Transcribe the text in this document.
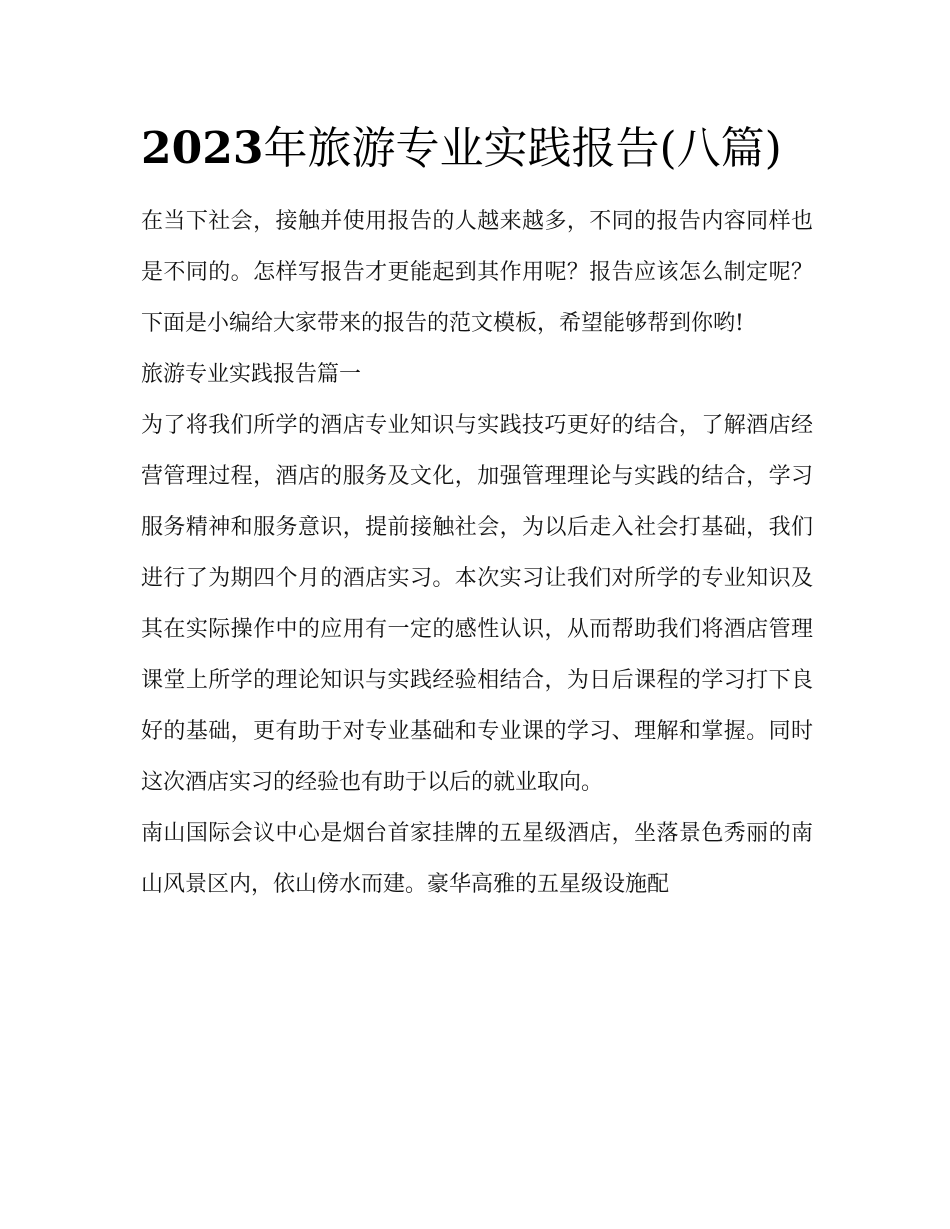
2023年旅游专业实践报告(八篇)

在当下社会，接触并使用报告的人越来越多，不同的报告内容同样也是不同的。怎样写报告才更能起到其作用呢？报告应该怎么制定呢？下面是小编给大家带来的报告的范文模板，希望能够帮到你哟!

旅游专业实践报告篇一

为了将我们所学的酒店专业知识与实践技巧更好的结合，了解酒店经营管理过程，酒店的服务及文化，加强管理理论与实践的结合，学习服务精神和服务意识，提前接触社会，为以后走入社会打基础，我们进行了为期四个月的酒店实习。本次实习让我们对所学的专业知识及其在实际操作中的应用有一定的感性认识，从而帮助我们将酒店管理课堂上所学的理论知识与实践经验相结合，为日后课程的学习打下良好的基础，更有助于对专业基础和专业课的学习、理解和掌握。同时这次酒店实习的经验也有助于以后的就业取向。

南山国际会议中心是烟台首家挂牌的五星级酒店，坐落景色秀丽的南山风景区内，依山傍水而建。豪华高雅的五星级设施配
